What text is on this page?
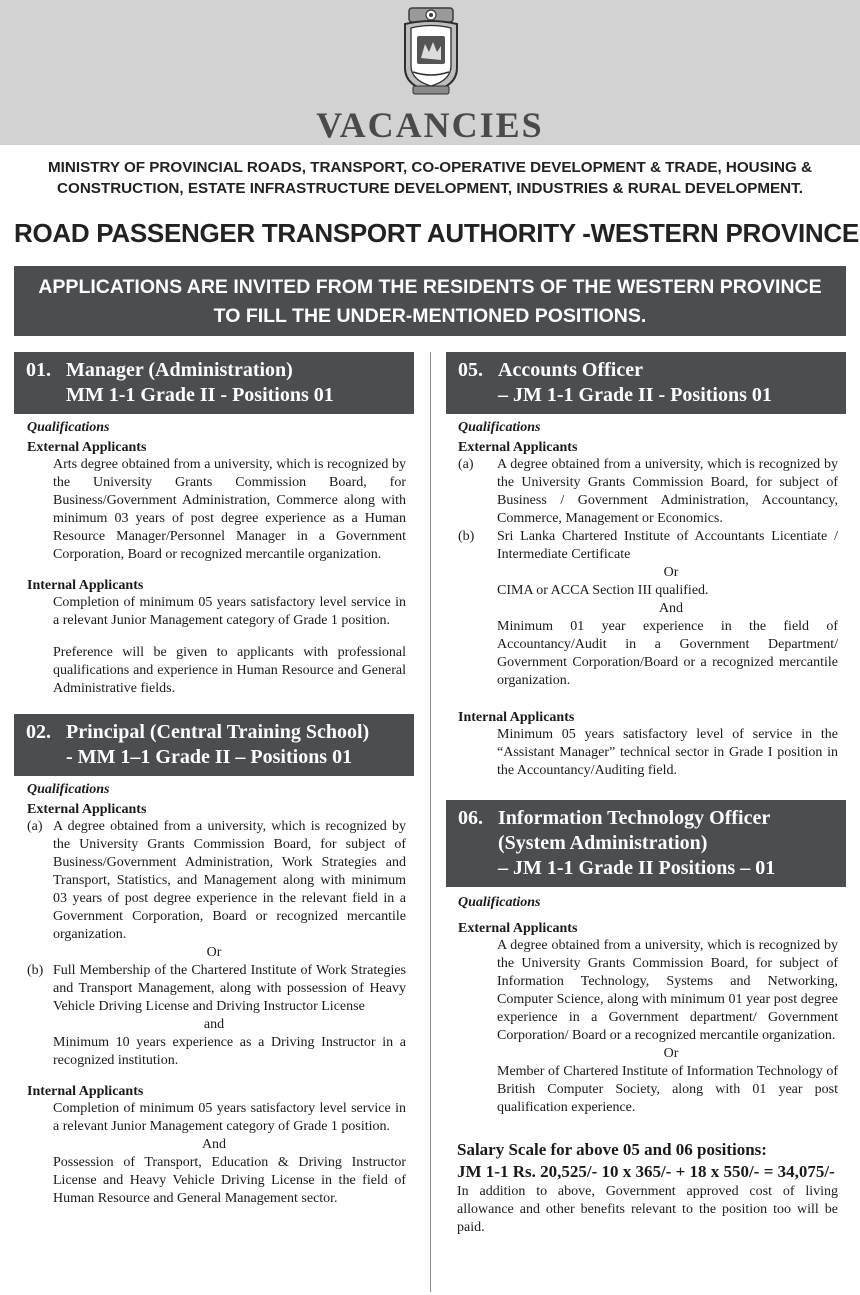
VACANCIES
MINISTRY OF PROVINCIAL ROADS, TRANSPORT, CO-OPERATIVE DEVELOPMENT & TRADE, HOUSING & CONSTRUCTION, ESTATE INFRASTRUCTURE DEVELOPMENT, INDUSTRIES & RURAL DEVELOPMENT.
ROAD PASSENGER TRANSPORT AUTHORITY -WESTERN PROVINCE
APPLICATIONS ARE INVITED FROM THE RESIDENTS OF THE WESTERN PROVINCE
TO FILL THE UNDER-MENTIONED POSITIONS.
01. Manager (Administration)
MM 1-1 Grade II - Positions 01
Qualifications
External Applicants
Arts degree obtained from a university, which is recognized by the University Grants Commission Board, for Business/Government Administration, Commerce along with minimum 03 years of post degree experience as a Human Resource Manager/Personnel Manager in a Government Corporation, Board or recognized mercantile organization.
Internal Applicants
Completion of minimum 05 years satisfactory level service in a relevant Junior Management category of Grade 1 position.
Preference will be given to applicants with professional qualifications and experience in Human Resource and General Administrative fields.
02. Principal (Central Training School)
- MM 1–1 Grade II – Positions 01
Qualifications
External Applicants
(a) A degree obtained from a university, which is recognized by the University Grants Commission Board, for subject of Business/Government Administration, Work Strategies and Transport, Statistics, and Management along with minimum 03 years of post degree experience in the relevant field in a Government Corporation, Board or recognized mercantile organization.
Or
(b) Full Membership of the Chartered Institute of Work Strategies and Transport Management, along with possession of Heavy Vehicle Driving License and Driving Instructor License
and
Minimum 10 years experience as a Driving Instructor in a recognized institution.
Internal Applicants
Completion of minimum 05 years satisfactory level service in a relevant Junior Management category of Grade 1 position.
And
Possession of Transport, Education & Driving Instructor License and Heavy Vehicle Driving License in the field of Human Resource and General Management sector.
05. Accounts Officer
– JM 1-1 Grade II - Positions 01
Qualifications
External Applicants
(a)	A degree obtained from a university, which is recognized by the University Grants Commission Board, for subject of Business / Government Administration, Accountancy, Commerce, Management or Economics.
(b)	Sri Lanka Chartered Institute of Accountants Licentiate / Intermediate Certificate
Or
CIMA or ACCA Section III qualified.
And
Minimum 01 year experience in the field of Accountancy/Audit in a Government Department/ Government Corporation/Board or a recognized mercantile organization.
Internal Applicants
Minimum 05 years satisfactory level of service in the “Assistant Manager” technical sector in Grade I position in the Accountancy/Auditing field.
06. Information Technology Officer
(System Administration)
– JM 1-1 Grade II Positions – 01
Qualifications
External Applicants
A degree obtained from a university, which is recognized by the University Grants Commission Board, for subject of Information Technology, Systems and Networking, Computer Science, along with minimum 01 year post degree experience in a Government department/ Government Corporation/ Board or a recognized mercantile organization.
Or
Member of Chartered Institute of Information Technology of British Computer Society, along with 01 year post qualification experience.
Salary Scale for above 05 and 06 positions:
JM 1-1 Rs. 20,525/- 10 x 365/- + 18 x 550/- = 34,075/-
In addition to above, Government approved cost of living allowance and other benefits relevant to the position too will be paid.
